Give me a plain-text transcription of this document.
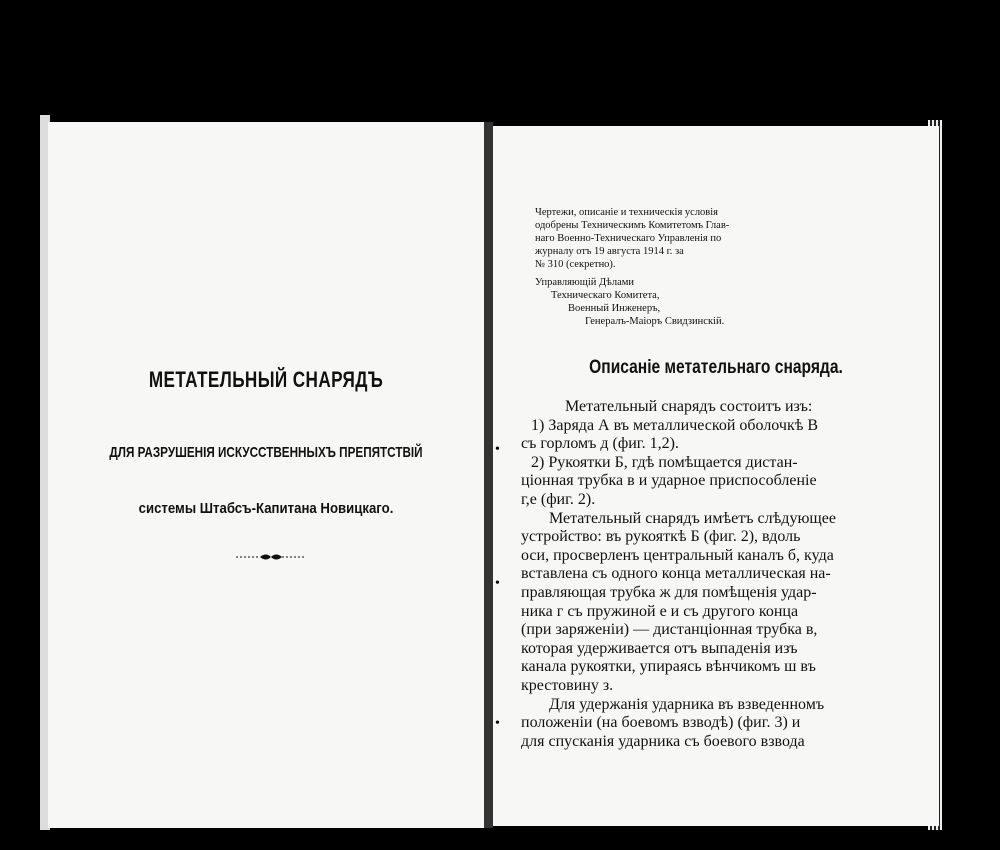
МЕТАТЕЛЬНЫЙ СНАРЯДЪ
ДЛЯ РАЗРУШЕНІЯ ИСКУССТВЕННЫХЪ ПРЕПЯТСТВІЙ
системы Штабсъ-Капитана Новицкаго.

Чертежи, описаніе и техническія условія

одобрены Техническимъ Комитетомъ Глав-

наго Военно-Техническаго Управленія по

журналу отъ 19 августа 1914 г. за

№ 310 (секретно).

Управляющій Дѣлами
Техническаго Комитета,
Военный Инженеръ,
Генералъ-Маіоръ Свидзинскій.
Описаніе метательнаго снаряда.
Метательный снарядъ состоитъ изъ:
1) Заряда А въ металлической оболочкѣ В
съ горломъ д (фиг. 1,2).
2) Рукоятки Б, гдѣ помѣщается дистан-
ціонная трубка в и ударное приспособленіе
г,е (фиг. 2).
Метательный снарядъ имѣетъ слѣдующее
устройство: въ рукояткѣ Б (фиг. 2), вдоль
оси, просверленъ центральный каналъ б, куда
вставлена съ одного конца металлическая на-
правляющая трубка ж для помѣщенія удар-
ника г съ пружиной е и съ другого конца
(при заряженіи) — дистанціонная трубка в,
которая удерживается отъ выпаденія изъ
канала рукоятки, упираясь вѣнчикомъ ш въ
крестовину з.
Для удержанія ударника въ взведенномъ
положеніи (на боевомъ взводѣ) (фиг. 3) и
для спусканія ударника съ боевого взвода
•
•
•
